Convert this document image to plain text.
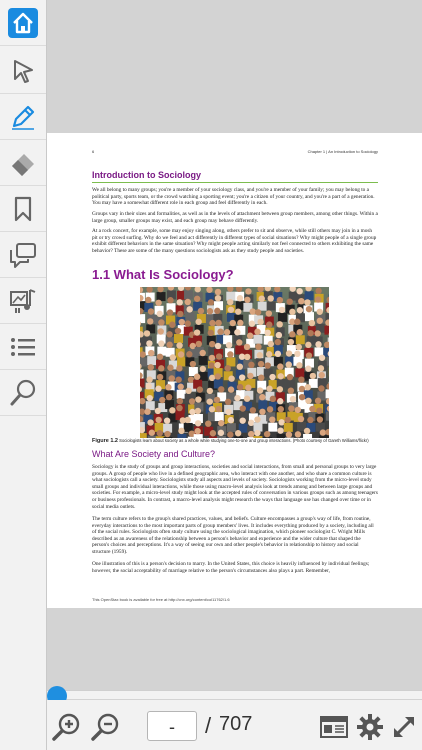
6	Chapter 1 | An Introduction to Sociology
Introduction to Sociology
We all belong to many groups; you're a member of your sociology class, and you're a member of your family; you may belong to a political party, sports team, or the crowd watching a sporting event; you're a citizen of your country, and you're a part of a generation. You may have a somewhat different role in each group and feel differently in each.
Groups vary in their sizes and formalities, as well as in the levels of attachment between group members, among other things. Within a large group, smaller groups may exist, and each group may behave differently.
At a rock concert, for example, some may enjoy singing along, others prefer to sit and observe, while still others may join in a mosh pit or try crowd surfing. Why do we feel and act differently in different types of social situations? Why might people of a single group exhibit different behaviors in the same situation? Why might people acting similarly not feel connected to others exhibiting the same behavior? These are some of the many questions sociologists ask as they study people and societies.
1.1 What Is Sociology?
Figure 1.2 Sociologists learn about society as a whole while studying one-to-one and group interactions. (Photo courtesy of Gareth Williams/flickr)
What Are Society and Culture?
Sociology is the study of groups and group interactions, societies and social interactions, from small and personal groups to very large groups. A group of people who live in a defined geographic area, who interact with one another, and who share a common culture is what sociologists call a society. Sociologists study all aspects and levels of society. Sociologists working from the micro-level study small groups and individual interactions, while those using macro-level analysis look at trends among and between large groups and societies. For example, a micro-level study might look at the accepted rules of conversation in various groups such as among teenagers or business professionals. In contrast, a macro-level analysis might research the ways that language use has changed over time or in social media outlets.
The term culture refers to the group's shared practices, values, and beliefs. Culture encompasses a group's way of life, from routine, everyday interactions to the most important parts of group members' lives. It includes everything produced by a society, including all of the social rules. Sociologists often study culture using the sociological imagination, which pioneer sociologist C. Wright Mills described as an awareness of the relationship between a person's behavior and experience and the wider culture that shaped the person's choices and perceptions. It's a way of seeing our own and other people's behavior in relationship to history and social structure (1959).
One illustration of this is a person's decision to marry. In the United States, this choice is heavily influenced by individual feelings; however, the social acceptability of marriage relative to the person's circumstances also plays a part. Remember,
This OpenStax book is available for free at http://cnx.org/content/col11762/1.6
-	/ 707
